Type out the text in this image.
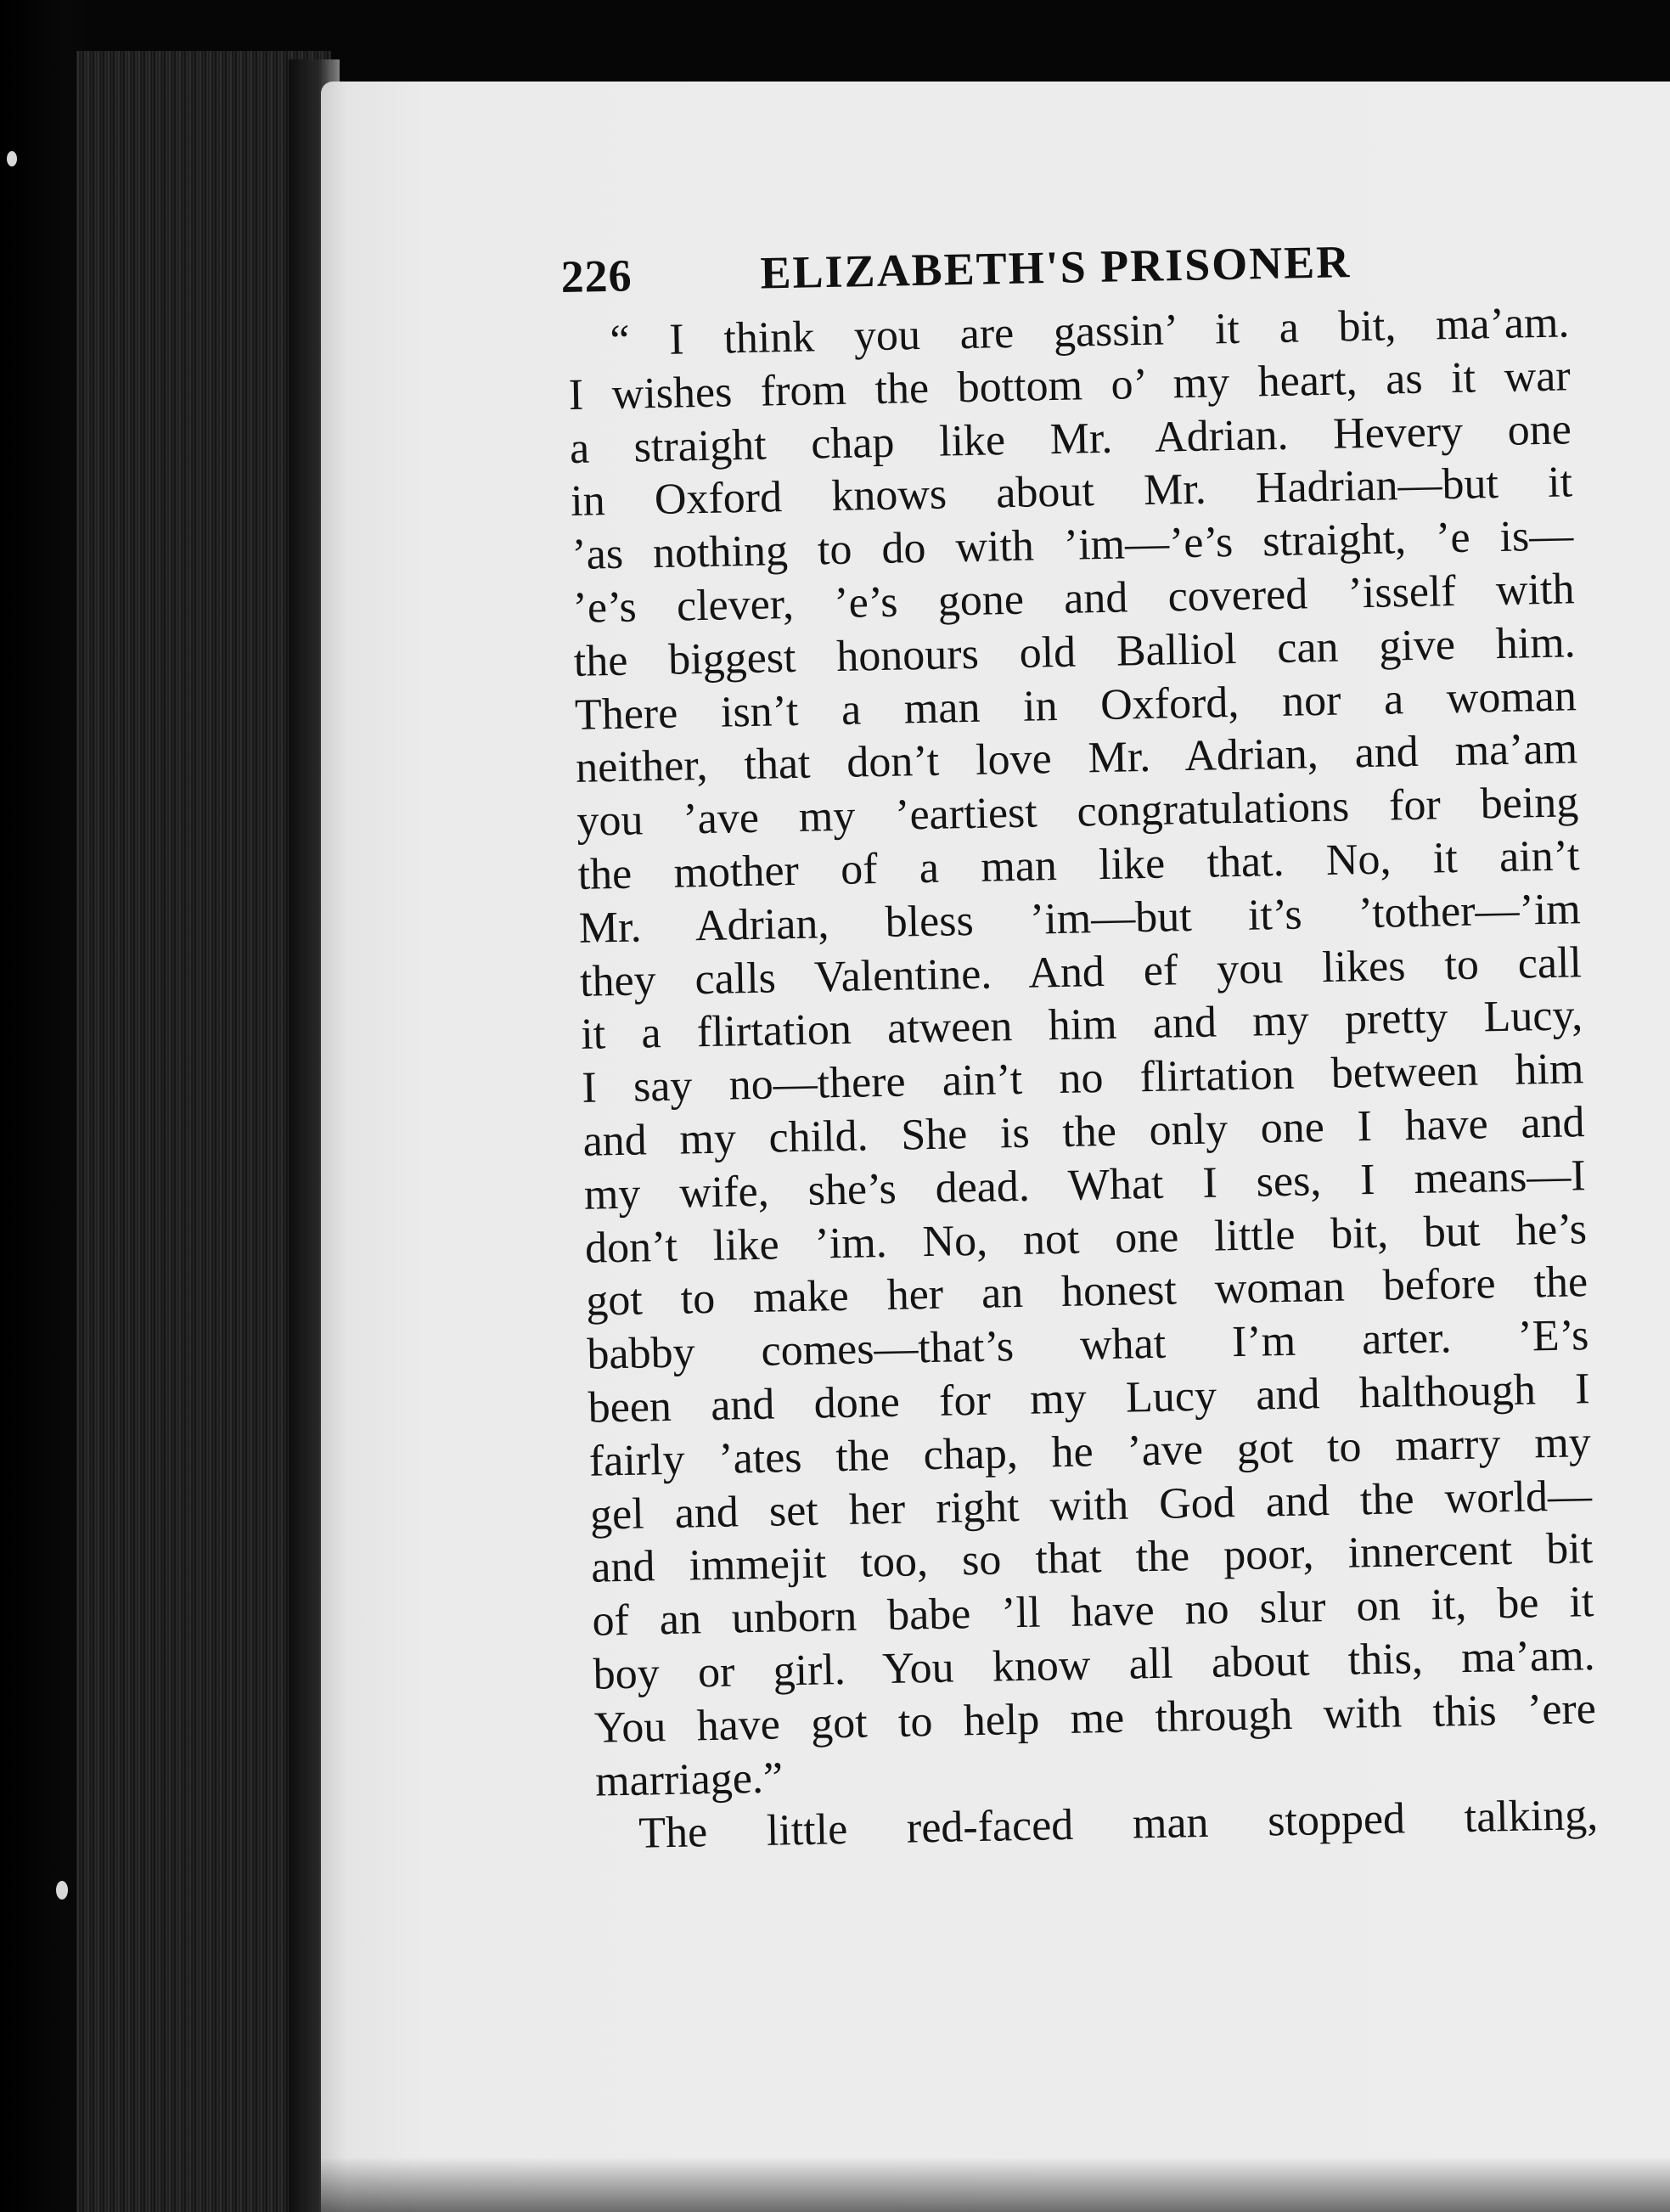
226	ELIZABETH'S PRISONER
“ I think you are gassin’ it a bit, ma’am.
I wishes from the bottom o’ my heart, as it war
a straight chap like Mr. Adrian. Hevery one
in Oxford knows about Mr. Hadrian—but it
’as nothing to do with ’im—’e’s straight, ’e is—
’e’s clever, ’e’s gone and covered ’isself with
the biggest honours old Balliol can give him.
There isn’t a man in Oxford, nor a woman
neither, that don’t love Mr. Adrian, and ma’am
you ’ave my ’eartiest congratulations for being
the mother of a man like that. No, it ain’t
Mr. Adrian, bless ’im—but it’s ’tother—’im
they calls Valentine. And ef you likes to call
it a flirtation atween him and my pretty Lucy,
I say no—there ain’t no flirtation between him
and my child. She is the only one I have and
my wife, she’s dead. What I ses, I means—I
don’t like ’im. No, not one little bit, but he’s
got to make her an honest woman before the
babby comes—that’s what I’m arter. ’E’s
been and done for my Lucy and halthough I
fairly ’ates the chap, he ’ave got to marry my
gel and set her right with God and the world—
and immejit too, so that the poor, innercent bit
of an unborn babe ’ll have no slur on it, be it
boy or girl. You know all about this, ma’am.
You have got to help me through with this ’ere
marriage.”
The little red-faced man stopped talking,
